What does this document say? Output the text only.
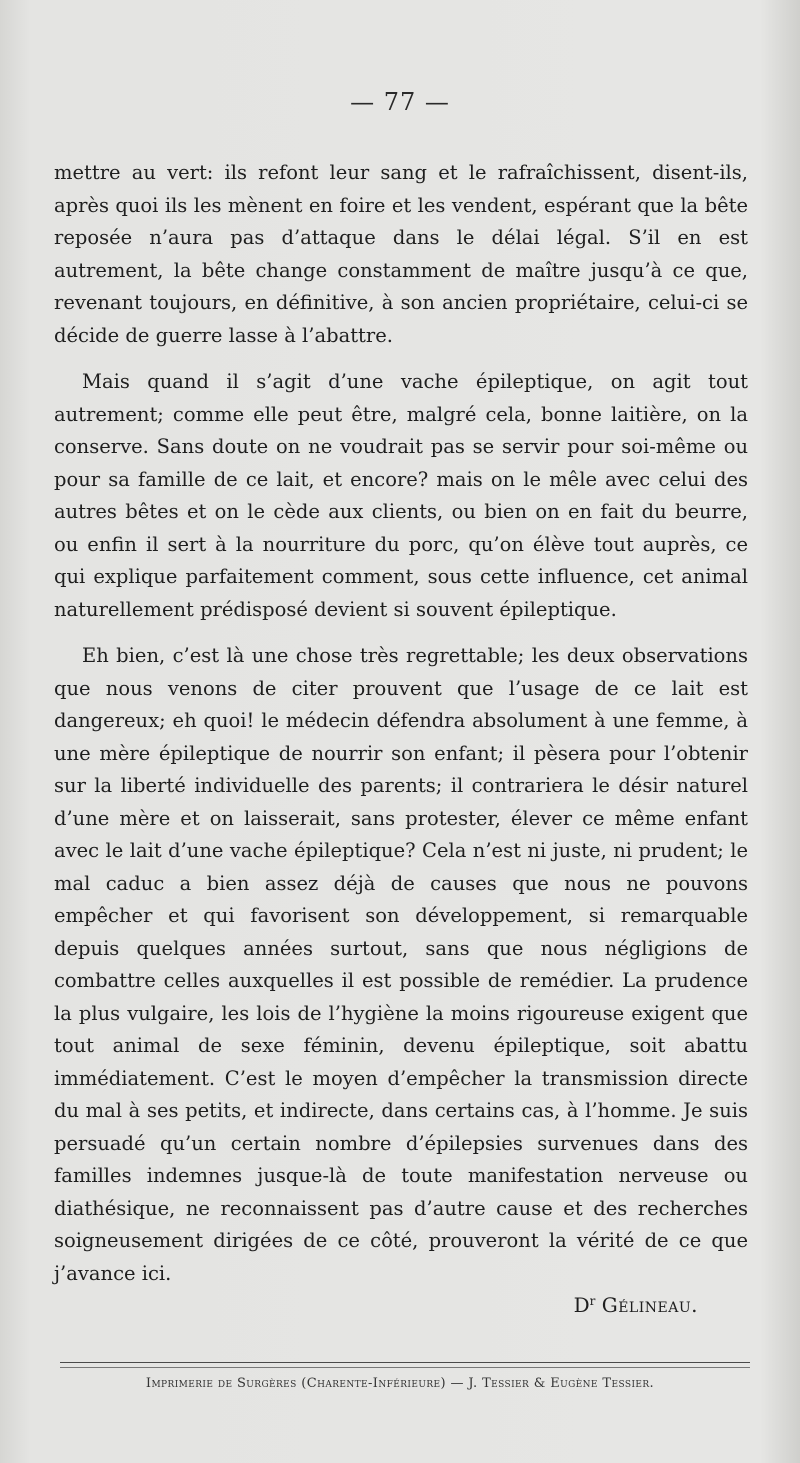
— 77 —

mettre au vert: ils refont leur sang et le rafraîchissent, disent-ils, après quoi ils les mènent en foire et les vendent, espérant que la bête reposée n’aura pas d’attaque dans le délai légal. S’il en est autrement, la bête change constamment de maître jusqu’à ce que, revenant toujours, en définitive, à son ancien propriétaire, celui-ci se décide de guerre lasse à l’abattre.

Mais quand il s’agit d’une vache épileptique, on agit tout autrement; comme elle peut être, malgré cela, bonne laitière, on la conserve. Sans doute on ne voudrait pas se servir pour soi-même ou pour sa famille de ce lait, et encore? mais on le mêle avec celui des autres bêtes et on le cède aux clients, ou bien on en fait du beurre, ou enfin il sert à la nourriture du porc, qu’on élève tout auprès, ce qui explique parfaitement comment, sous cette influence, cet animal naturellement prédisposé devient si souvent épileptique.

Eh bien, c’est là une chose très regrettable; les deux observations que nous venons de citer prouvent que l’usage de ce lait est dangereux; eh quoi! le médecin défendra absolument à une femme, à une mère épileptique de nourrir son enfant; il pèsera pour l’obtenir sur la liberté individuelle des parents; il contrariera le désir naturel d’une mère et on laisserait, sans protester, élever ce même enfant avec le lait d’une vache épileptique? Cela n’est ni juste, ni prudent; le mal caduc a bien assez déjà de causes que nous ne pouvons empêcher et qui favorisent son développement, si remarquable depuis quelques années surtout, sans que nous négligions de combattre celles auxquelles il est possible de remédier. La prudence la plus vulgaire, les lois de l’hygiène la moins rigoureuse exigent que tout animal de sexe féminin, devenu épileptique, soit abattu immédiatement. C’est le moyen d’empêcher la transmission directe du mal à ses petits, et indirecte, dans certains cas, à l’homme. Je suis persuadé qu’un certain nombre d’épilepsies survenues dans des familles indemnes jusque-là de toute manifestation nerveuse ou diathésique, ne reconnaissent pas d’autre cause et des recherches soigneusement dirigées de ce côté, prouveront la vérité de ce que j’avance ici.

$D^r$ Gélineau.
Imprimerie de Surgères (Charente-Inférieure) — J. Tessier & Eugène Tessier.
